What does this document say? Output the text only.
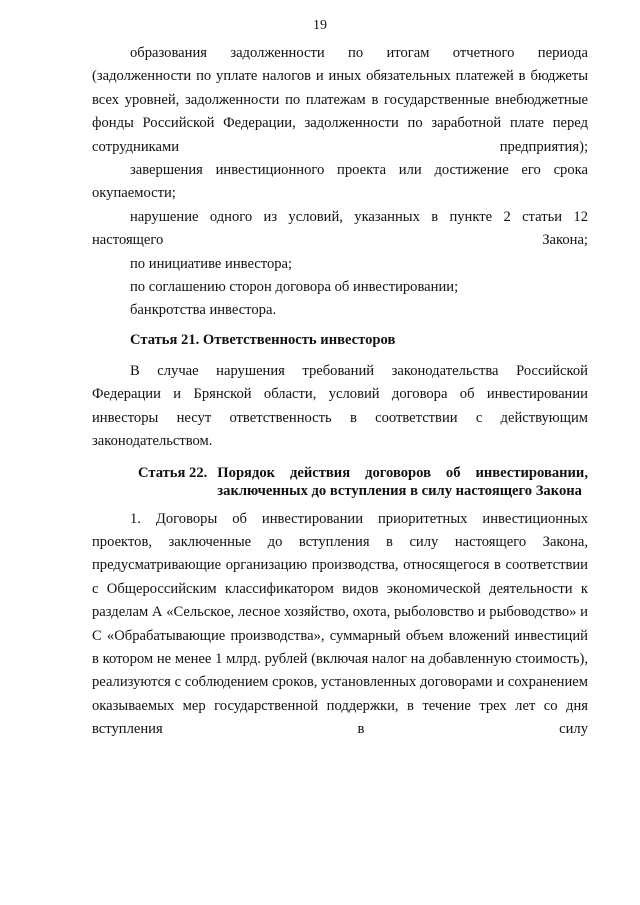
19

образования задолженности по итогам отчетного периода (задолженности по уплате налогов и иных обязательных платежей в бюджеты всех уровней, задолженности по платежам в государственные внебюджетные фонды Российской Федерации, задолженности по заработной плате перед сотрудниками предприятия);

завершения инвестиционного проекта или достижение его срока окупаемости;

нарушение одного из условий, указанных в пункте 2 статьи 12 настоящего Закона;

по инициативе инвестора;

по соглашению сторон договора об инвестировании;

банкротства инвестора.

Статья 21. Ответственность инвесторов

В случае нарушения требований законодательства Российской Федерации и Брянской области, условий договора об инвестировании инвесторы несут ответственность в соответствии с действующим законодательством.

Статья 22. Порядок действия договоров об инвестировании, заключенных до вступления в силу настоящего Закона

1. Договоры об инвестировании приоритетных инвестиционных проектов, заключенные до вступления в силу настоящего Закона, предусматривающие организацию производства, относящегося в соответствии с Общероссийским классификатором видов экономической деятельности к разделам А «Сельское, лесное хозяйство, охота, рыболовство и рыбоводство» и С «Обрабатывающие производства», суммарный объем вложений инвестиций в котором не менее 1 млрд. рублей (включая налог на добавленную стоимость), реализуются с соблюдением сроков, установленных договорами и сохранением оказываемых мер государственной поддержки, в течение трех лет со дня вступления в силу
